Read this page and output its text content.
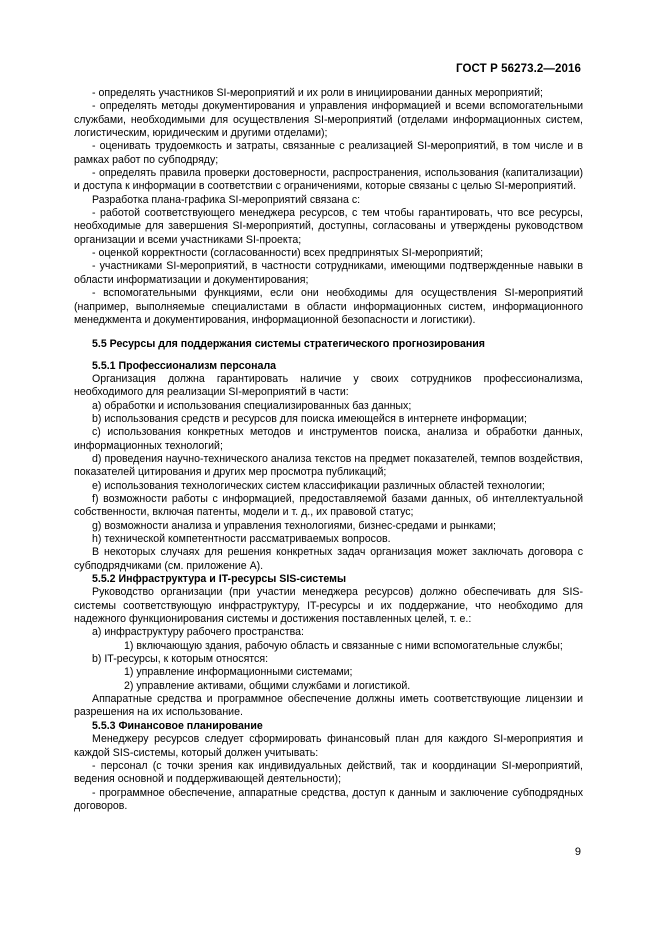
ГОСТ Р 56273.2—2016

- определять участников SI-мероприятий и их роли в инициировании данных мероприятий;

- определять методы документирования и управления информацией и всеми вспомогательными службами, необходимыми для осуществления SI-мероприятий (отделами информационных систем, логистическим, юридическим и другими отделами);

- оценивать трудоемкость и затраты, связанные с реализацией SI-мероприятий, в том числе и в рамках работ по субподряду;

- определять правила проверки достоверности, распространения, использования (капитализации) и доступа к информации в соответствии с ограничениями, которые связаны с целью SI-мероприятий.

Разработка плана-графика SI-мероприятий связана с:

- работой соответствующего менеджера ресурсов, с тем чтобы гарантировать, что все ресурсы, необходимые для завершения SI-мероприятий, доступны, согласованы и утверждены руководством организации и всеми участниками SI-проекта;

- оценкой корректности (согласованности) всех предпринятых SI-мероприятий;

- участниками SI-мероприятий, в частности сотрудниками, имеющими подтвержденные навыки в области информатизации и документирования;

- вспомогательными функциями, если они необходимы для осуществления SI-мероприятий (например, выполняемые специалистами в области информационных систем, информационного менеджмента и документирования, информационной безопасности и логистики).

5.5 Ресурсы для поддержания системы стратегического прогнозирования

5.5.1 Профессионализм персонала

Организация должна гарантировать наличие у своих сотрудников профессионализма, необходимого для реализации SI-мероприятий в части:

а) обработки и использования специализированных баз данных;

b) использования средств и ресурсов для поиска имеющейся в интернете информации;

с) использования конкретных методов и инструментов поиска, анализа и обработки данных, информационных технологий;

d) проведения научно-технического анализа текстов на предмет показателей, темпов воздействия, показателей цитирования и других мер просмотра публикаций;

е) использования технологических систем классификации различных областей технологии;

f) возможности работы с информацией, предоставляемой базами данных, об интеллектуальной собственности, включая патенты, модели и т. д., их правовой статус;

g) возможности анализа и управления технологиями, бизнес-средами и рынками;

h) технической компетентности рассматриваемых вопросов.

В некоторых случаях для решения конкретных задач организация может заключать договора с субподрядчиками (см. приложение А).

5.5.2 Инфраструктура и IT-ресурсы SIS-системы

Руководство организации (при участии менеджера ресурсов) должно обеспечивать для SIS-системы соответствующую инфраструктуру, IT-ресурсы и их поддержание, что необходимо для надежного функционирования системы и достижения поставленных целей, т. е.:

а) инфраструктуру рабочего пространства:

1) включающую здания, рабочую область и связанные с ними вспомогательные службы;

b) IT-ресурсы, к которым относятся:

1) управление информационными системами;

2) управление активами, общими службами и логистикой.

Аппаратные средства и программное обеспечение должны иметь соответствующие лицензии и разрешения на их использование.

5.5.3 Финансовое планирование

Менеджеру ресурсов следует сформировать финансовый план для каждого SI-мероприятия и каждой SIS-системы, который должен учитывать:

- персонал (с точки зрения как индивидуальных действий, так и координации SI-мероприятий, ведения основной и поддерживающей деятельности);

- программное обеспечение, аппаратные средства, доступ к данным и заключение субподрядных договоров.

9
